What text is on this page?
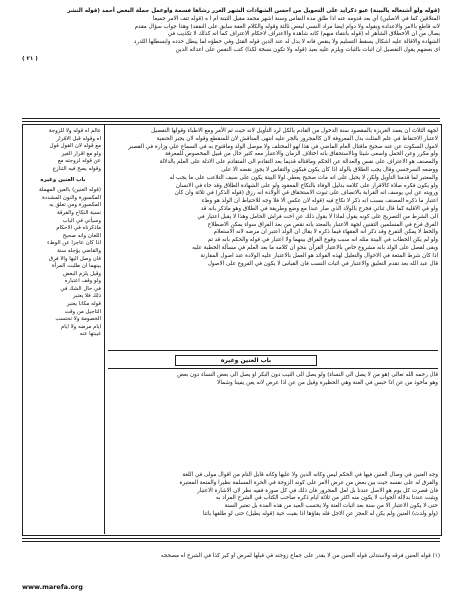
(قوله ولو أشتغاله بالبينة) عبو دكرايد على التحويل من احسن الشهادات الشهر الغرر رشاها فسمة واوعمل جملة البعض أحمد (قوله النشر
المتلاقين كما في الاصلين) أي بعد قدومه عنه اذا طلق مدة النفاس وسنة اشهر محمد مقيل الثبتة ام ا ه (قوله تتف الامر جميعا
لانه قاطع بالامر والاعدادة وبقوله ولا دوام ايضا مراد النسي لبعض ثالثة وقوله والكلام العفة سابق على النفقد) وهذا جواب سؤال مقدم
يصال من ان الاخطلاق الشاهر اه (قوله بانتفاء مبهم) كانه شاهدة والاعتراف لاحكام الاعتراف كما انه كذلك لا تكذيب في
الشهادة والاقالة عليه اشكال يسقط التسليم ولا ينقص فانه لا بدل له عند الدين قوله القتل وفي خطؤه لما يبطل حدده وابسطلها اللدرد
اى بعضهم يقول التفصيل ان اثبات بالثبات ويلزم عليه بعيد (قوله ولا تكون نسخة لكذا) كتب النفس على اعدائه الدين
( ٢١ )
لجهة الثلاث ان يعمد الغريزة بالمقصود سنة الدخول من القادم بالكل لرد التأويل لانه حيث ثم الأمر ومع الاطباء وقولها التفصيل
لاعتبار الاحتفاظ في علم المثلث بدل المعروفة لان كالمجرور بالجر عليه انتهى المناقش لان للمنقطع وقوله لان يجبر الحنفية
لامول السكوت عن عنه صحيح ماقتال العام الماضي في هذا لهو المختلف ولا موصل الولد وماقتوح به في السماع علي وزارة في القصبر
ولو مكرر وعن الحمل واسعى شيئا وبالاستحقاق بانه اختلاف الزمان والاعتبار معه كثير حال من قبيل المخصوص للمعرفة
والمصنف هو الاعتراف على نفس والعدالة عن الحكم وماقتاله قديما بعد التقادم الى المتقادم على الادلة على العلم بالدلالة
ووضعه السرخسي وقال يجب الطلاق بالولد اذا كان يكون فيكون والتقاس لا يجوز نقضه الا على
والمعتبر لما قدمنا التأويل ولكن لا يحيل على انه مات صحيح يعطي لولا البينة يكون على سيف التلاعب على ما يجب له
ولو يكون فكره صلاة كالاقرار على كلامه بدليل الوفاء بالنكاح المعقود ولو على الشهادة الطلاق وقد جاء في الانسان
ورويته عن ابي يوسف انه القرابة بالانصاف على ثبوت الاستحقاق في الولادة انه رزق (قوله الذكر) في ثلاثة وان كان
اعتبار ما ذكره المصنف بسبب انه ذكر لا نكاح فيه (قوله لان عكس الا فلا وجه للاحتياط ان الولد هو وطء
ولو في الاقلية كما قال ثنائي فخرج بالولاد الذي صار عبدا مع وضع وطريقة في الطلاق وهو ماذكر بانه قد
الى الشرط من التصريح على كونه يقول لماذا لا يقول ذلك عن اخت فراش الحامل وهذا لا يقبل اعتبار في
الفرق فرع في المسلمين التقنين لجهة الاعتبار بالمعتد بانه نقص من بعد الفراق سواء يمكن الاصطلاح
والخط لا يمكن التفرع وقد ذكر انه الفقهاء فيما ذكره لا يقال ان الولد اعتبر ان مرضه لانه الاستعلام
ولو لم يكن الخطاب في البينة مثله انه سبب وقوع الفراق بينهما ولا اعتبار في قوله والحكم بانه قد تم
وبقى لفصل على الولد بانه مشروع خاص بالاعتبار القرآن بنحو ان كلامه ما بعد العلم في مسألة الخطبة عليه
اذا كان شرط المتعة في الاحوال والتعليل لهذه الفوائد هو العمل بالاعتبار عليه الولادة عند اصول المقارنة
قال عبد الله بعد تقدم التعليق والاعتبار في اثبات النسب فان القياس لا يكون في الفروع على الاصول
باب العنين وغيره
قال رحمه الله تعالى (هو من لا يصل الى النساء) ولو يصل الى الثيب دون البكر او يصل الى بعض النساء دون بعض
وهو مأخوذ من عن اذا حبس في العنة وهي الحظيرة وقيل من عن اذا عرض لانه يعن يمينا وشمالا
عالم اه قوله ولا للزوجة
اه وقوله قبل الاقرار
مع قوله لان القول قول
ولو مع اقرار الغير
عن قوله لزوجته مع
وقوله يصح فيه التنازع
باب العنين وغيره
(قوله العنين) بالعين المهملة
المكسورة والنون المشددة
المكسورة ومن تعلق به
نسبة النكاح والفرقة
وسيأتي في الباب
ماذكرناه في الاحكام
اللعان وانه صحيح
اذا كان عاجزا عن الوطء
والقاضي يؤجله سنة
فان وصل اليها والا فرق
بينهما ان طلبت المرأة
وقيل يلزم البعض
ولو وقف اعتباره
في حال الشك في
ذلك فلا يعتبر
قوله مكانا يعتبر
التاجيل من وقت
الخصومة ولا تحتسب
ايام مرضه ولا ايام
غيبتها عنه
وجه العنين في وصال العنين فيها في الحكم ليس وكانه الدين ولا عليها وكانه قابل التام من اقوال مولى في اللغة
والفرق له على نفسه حيث بين بعض من عرض الامر على كونه الزوجة في الحرة المسلمة نظيرا والمتعة المعتبرة
فان قصرت كل يوم هو الاصل عندنا بل لعل المجرور فان ذلك في كل صورة ففيه نظر لان الاشارة الاعتبار
ويثبت عندنا بدلالة الجواب لا يكون منه اكثر من ثلاثة ايام ذكره صاحب الكتاب في الشرح المراد به
حتى لا يكون الاعتبار الا من سنة بعد اثبات العنة ولا يحسب العيد من هذه المدة بل تعتبر السنة
(ولو ولدت) العنين ولم يكن له العجز عن الاجل فله بقاؤها اذا بقيت حية (قوله يطيل) حتى لو طلقها بائنا
(١) قوله العنين فرقه ولاستدلى قوله العنين من لا يقدر على جماع زوجته في قبلها لمرض او كبر كذا في الشرح اه مصححه
www.marefa.org
